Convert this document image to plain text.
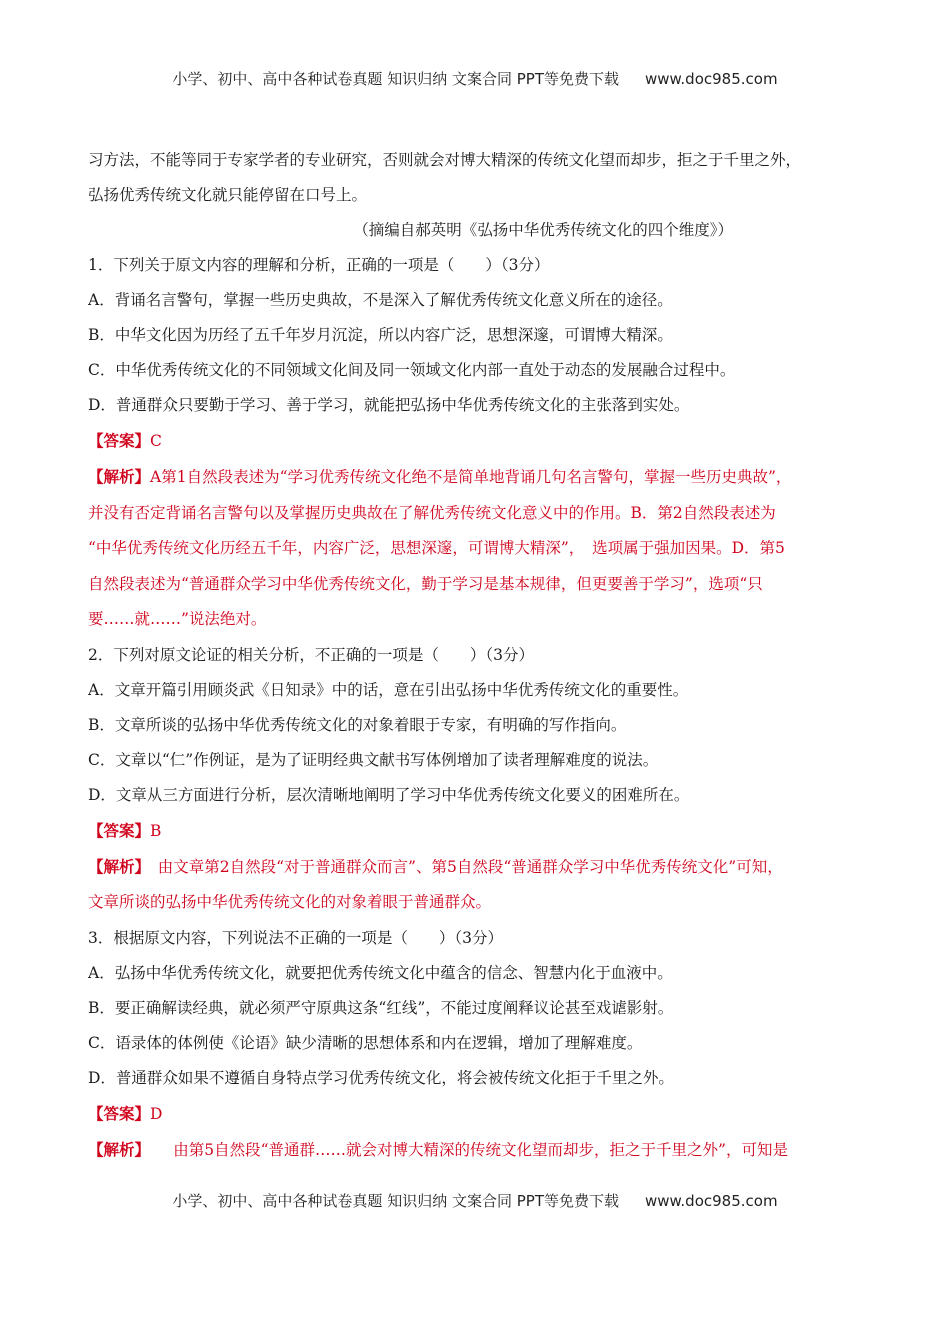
小学、初中、高中各种试卷真题 知识归纳 文案合同 PPT等免费下载 www.doc985.com
习方法，不能等同于专家学者的专业研究，否则就会对博大精深的传统文化望而却步，拒之于千里之外，
弘扬优秀传统文化就只能停留在口号上。
（摘编自郝英明《弘扬中华优秀传统文化的四个维度》）
1．下列关于原文内容的理解和分析，正确的一项是（　　）（3分）
A．背诵名言警句，掌握一些历史典故，不是深入了解优秀传统文化意义所在的途径。
B．中华文化因为历经了五千年岁月沉淀，所以内容广泛，思想深邃，可谓博大精深。
C．中华优秀传统文化的不同领域文化间及同一领域文化内部一直处于动态的发展融合过程中。
D．普通群众只要勤于学习、善于学习，就能把弘扬中华优秀传统文化的主张落到实处。
【答案】C
【解析】A第1自然段表述为“学习优秀传统文化绝不是简单地背诵几句名言警句，掌握一些历史典故”，
并没有否定背诵名言警句以及掌握历史典故在了解优秀传统文化意义中的作用。B．第2自然段表述为
“中华优秀传统文化历经五千年，内容广泛，思想深邃，可谓博大精深”，　选项属于强加因果。D．第5
自然段表述为“普通群众学习中华优秀传统文化，勤于学习是基本规律，但更要善于学习”，选项“只
要……就……”说法绝对。
2．下列对原文论证的相关分析，不正确的一项是（　　）（3分）
A．文章开篇引用顾炎武《日知录》中的话，意在引出弘扬中华优秀传统文化的重要性。
B．文章所谈的弘扬中华优秀传统文化的对象着眼于专家，有明确的写作指向。
C．文章以“仁”作例证，是为了证明经典文献书写体例增加了读者理解难度的说法。
D．文章从三方面进行分析，层次清晰地阐明了学习中华优秀传统文化要义的困难所在。
【答案】B
【解析】　由文章第2自然段“对于普通群众而言”、第5自然段“普通群众学习中华优秀传统文化”可知，
文章所谈的弘扬中华优秀传统文化的对象着眼于普通群众。
3．根据原文内容，下列说法不正确的一项是（　　）（3分）
A．弘扬中华优秀传统文化，就要把优秀传统文化中蕴含的信念、智慧内化于血液中。
B．要正确解读经典，就必须严守原典这条“红线”，不能过度阐释议论甚至戏谑影射。
C．语录体的体例使《论语》缺少清晰的思想体系和内在逻辑，增加了理解难度。
D．普通群众如果不遵循自身特点学习优秀传统文化，将会被传统文化拒于千里之外。
【答案】D
【解析】　　由第5自然段“普通群……就会对博大精深的传统文化望而却步，拒之于千里之外”，可知是
小学、初中、高中各种试卷真题 知识归纳 文案合同 PPT等免费下载 www.doc985.com
